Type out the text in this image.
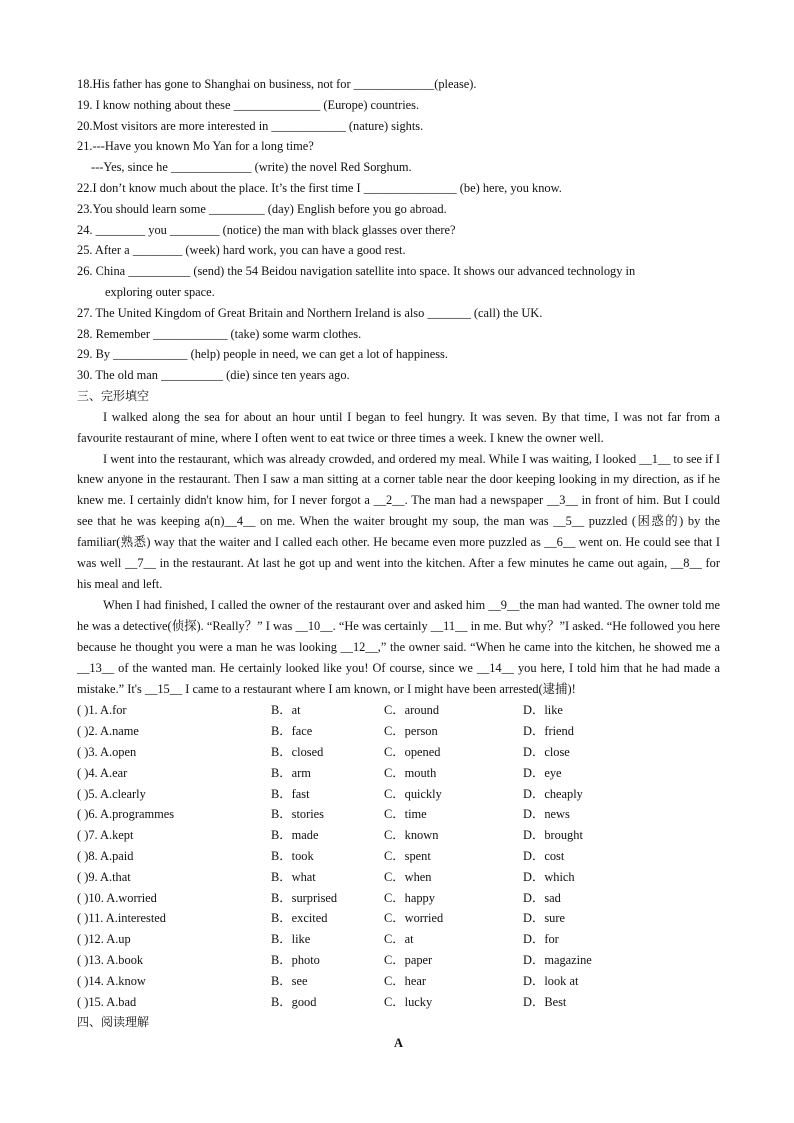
18.His father has gone to Shanghai on business, not for _____________(please).
19. I know nothing about these ______________ (Europe) countries.
20.Most visitors are more interested in ____________ (nature) sights.
21.---Have you known Mo Yan for a long time?
---Yes, since he _____________ (write) the novel Red Sorghum.
22.I don’t know much about the place. It’s the first time I _______________ (be) here, you know.
23.You should learn some _________ (day) English before you go abroad.
24. ________ you ________ (notice) the man with black glasses over there?
25. After a ________ (week) hard work, you can have a good rest.
26. China __________ (send) the 54 Beidou navigation satellite into space. It shows our advanced technology in
exploring outer space.
27. The United Kingdom of Great Britain and Northern Ireland is also _______ (call) the UK.
28. Remember ____________ (take) some warm clothes.
29. By ____________ (help) people in need, we can get a lot of happiness.
30. The old man __________ (die) since ten years ago.
三、完形填空

I walked along the sea for about an hour until I began to feel hungry. It was seven. By that time, I was not far from a favourite restaurant of mine, where I often went to eat twice or three times a week. I knew the owner well.

I went into the restaurant, which was already crowded, and ordered my meal. While I was waiting, I looked __1__ to see if I knew anyone in the restaurant. Then I saw a man sitting at a corner table near the door keeping looking in my direction, as if he knew me. I certainly didn't know him, for I never forgot a __2__. The man had a newspaper __3__ in front of him. But I could see that he was keeping a(n)__4__ on me. When the waiter brought my soup, the man was __5__ puzzled (困惑的) by the familiar(熟悉) way that the waiter and I called each other. He became even more puzzled as __6__ went on. He could see that I was well __7__ in the restaurant. At last he got up and went into the kitchen. After a few minutes he came out again, __8__ for his meal and left.

When I had finished, I called the owner of the restaurant over and asked him __9__the man had wanted. The owner told me he was a detective(侦探). “Really？” I was __10__. “He was certainly __11__ in me. But why？”I asked. “He followed you here because he thought you were a man he was looking __12__,” the owner said. “When he came into the kitchen, he showed me a __13__ of the wanted man. He certainly looked like you! Of course, since we __14__ you here, I told him that he had made a mistake.” It's __15__ I came to a restaurant where I am known, or I might have been arrested(逮捕)!

( )1. A.for	B．at	C．around	D．like
( )2. A.name	B．face	C．person	D．friend
( )3. A.open	B．closed	C．opened	D．close
( )4. A.ear	B．arm	C．mouth	D．eye
( )5. A.clearly	B．fast	C．quickly	D．cheaply
( )6. A.programmes	B．stories	C．time	D．news
( )7. A.kept	B．made	C．known	D．brought
( )8. A.paid	B．took	C．spent	D．cost
( )9. A.that	B．what	C．when	D．which
( )10. A.worried	B．surprised	C．happy	D．sad
( )11. A.interested	B．excited	C．worried	D．sure
( )12. A.up	B．like	C．at	D．for
( )13. A.book	B．photo	C．paper	D．magazine
( )14. A.know	B．see	C．hear	D．look at
( )15. A.bad	B．good	C．lucky	D．Best
四、阅读理解
A
